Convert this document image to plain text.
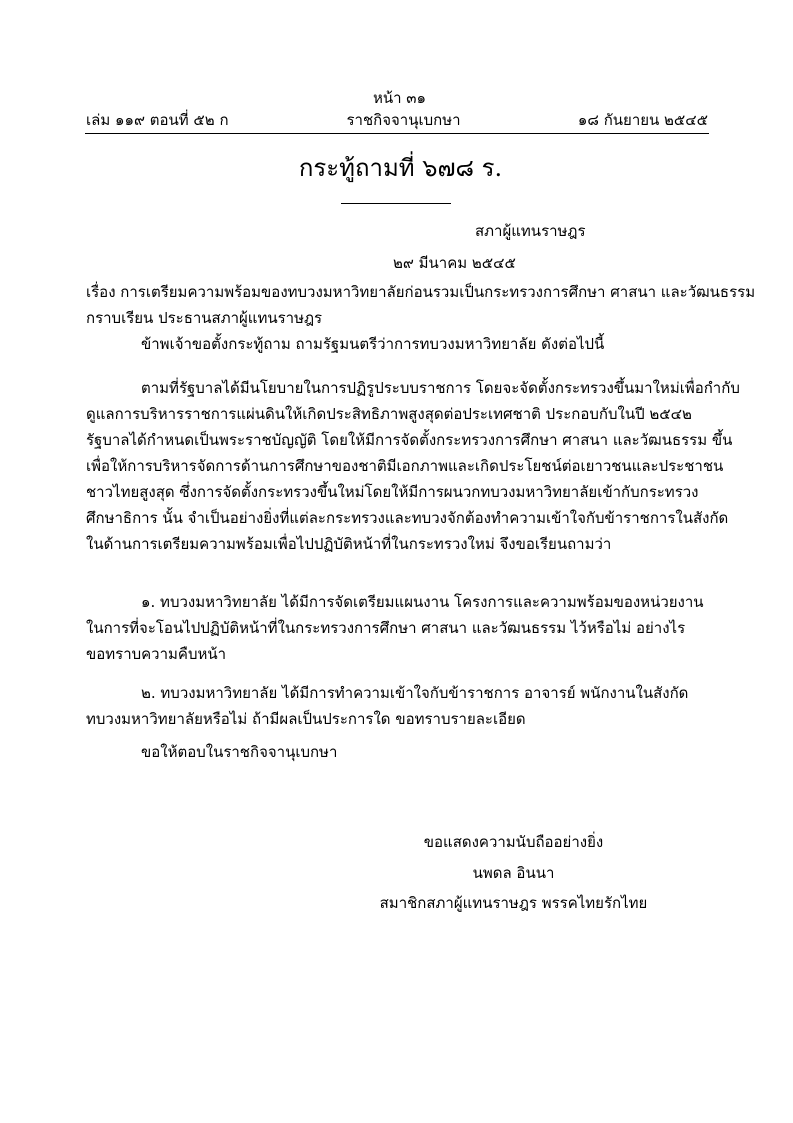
หน้า ๓๑
เล่ม ๑๑๙ ตอนที่ ๕๒ ก	ราชกิจจานุเบกษา	๑๘ กันยายน ๒๕๔๕
กระทู้ถามที่ ๖๗๘ ร.
สภาผู้แทนราษฎร
๒๙ มีนาคม ๒๕๔๕
เรื่อง การเตรียมความพร้อมของทบวงมหาวิทยาลัยก่อนรวมเป็นกระทรวงการศึกษา ศาสนา และวัฒนธรรม
กราบเรียน ประธานสภาผู้แทนราษฎร
ข้าพเจ้าขอตั้งกระทู้ถาม ถามรัฐมนตรีว่าการทบวงมหาวิทยาลัย ดังต่อไปนี้
ตามที่รัฐบาลได้มีนโยบายในการปฏิรูประบบราชการ โดยจะจัดตั้งกระทรวงขึ้นมาใหม่เพื่อกำกับ
ดูแลการบริหารราชการแผ่นดินให้เกิดประสิทธิภาพสูงสุดต่อประเทศชาติ ประกอบกับในปี ๒๕๔๒
รัฐบาลได้กำหนดเป็นพระราชบัญญัติ โดยให้มีการจัดตั้งกระทรวงการศึกษา ศาสนา และวัฒนธรรม ขึ้น
เพื่อให้การบริหารจัดการด้านการศึกษาของชาติมีเอกภาพและเกิดประโยชน์ต่อเยาวชนและประชาชน
ชาวไทยสูงสุด ซึ่งการจัดตั้งกระทรวงขึ้นใหม่โดยให้มีการผนวกทบวงมหาวิทยาลัยเข้ากับกระทรวง
ศึกษาธิการ นั้น จำเป็นอย่างยิ่งที่แต่ละกระทรวงและทบวงจักต้องทำความเข้าใจกับข้าราชการในสังกัด
ในด้านการเตรียมความพร้อมเพื่อไปปฏิบัติหน้าที่ในกระทรวงใหม่ จึงขอเรียนถามว่า
๑. ทบวงมหาวิทยาลัย ได้มีการจัดเตรียมแผนงาน โครงการและความพร้อมของหน่วยงาน
ในการที่จะโอนไปปฏิบัติหน้าที่ในกระทรวงการศึกษา ศาสนา และวัฒนธรรม ไว้หรือไม่ อย่างไร
ขอทราบความคืบหน้า
๒. ทบวงมหาวิทยาลัย ได้มีการทำความเข้าใจกับข้าราชการ อาจารย์ พนักงานในสังกัด
ทบวงมหาวิทยาลัยหรือไม่ ถ้ามีผลเป็นประการใด ขอทราบรายละเอียด
ขอให้ตอบในราชกิจจานุเบกษา
ขอแสดงความนับถืออย่างยิ่ง
นพดล อินนา
สมาชิกสภาผู้แทนราษฎร พรรคไทยรักไทย
